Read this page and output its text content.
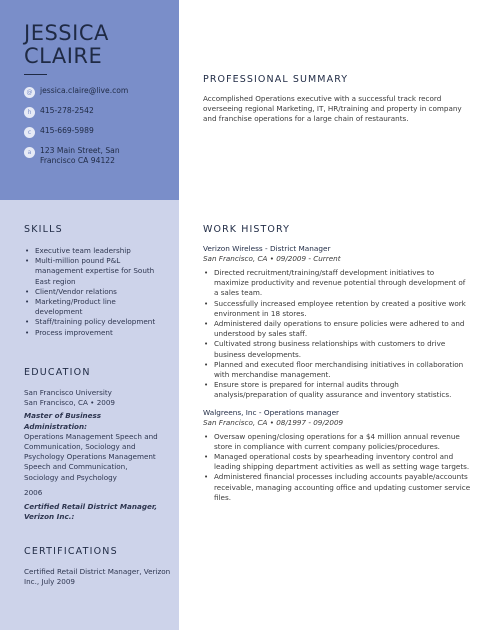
JESSICA
CLAIRE
@ jessica.claire@live.com
h	415-278-2542
c	415-669-5989
a	123 Main Street, San Francisco CA 94122
PROFESSIONAL SUMMARY
Accomplished Operations executive with a successful track record overseeing regional Marketing, IT, HR/training and property in company and franchise operations for a large chain of restaurants.
SKILLS
• Executive team leadership
• Multi-million pound P&L management expertise for South East region
• Client/Vendor relations
• Marketing/Product line development
• Staff/training policy development
• Process improvement
EDUCATION
San Francisco University
San Francisco, CA • 2009
Master of Business Administration:
Operations Management Speech and Communication, Sociology and Psychology Operations Management Speech and Communication, Sociology and Psychology
2006
Certified Retail District Manager, Verizon Inc.:
CERTIFICATIONS
Certified Retail District Manager, Verizon Inc., July 2009
WORK HISTORY
Verizon Wireless - District Manager
San Francisco, CA • 09/2009 - Current
• Directed recruitment/training/staff development initiatives to maximize productivity and revenue potential through development of a sales team.
• Successfully increased employee retention by created a positive work environment in 18 stores.
• Administered daily operations to ensure policies were adhered to and understood by sales staff.
• Cultivated strong business relationships with customers to drive business developments.
• Planned and executed floor merchandising initiatives in collaboration with merchandise management.
• Ensure store is prepared for internal audits through analysis/preparation of quality assurance and inventory statistics.
Walgreens, Inc - Operations manager
San Francisco, CA • 08/1997 - 09/2009
• Oversaw opening/closing operations for a $4 million annual revenue store in compliance with current company policies/procedures.
• Managed operational costs by spearheading inventory control and leading shipping department activities as well as setting wage targets.
• Administered financial processes including accounts payable/accounts receivable, managing accounting office and updating customer service files.
